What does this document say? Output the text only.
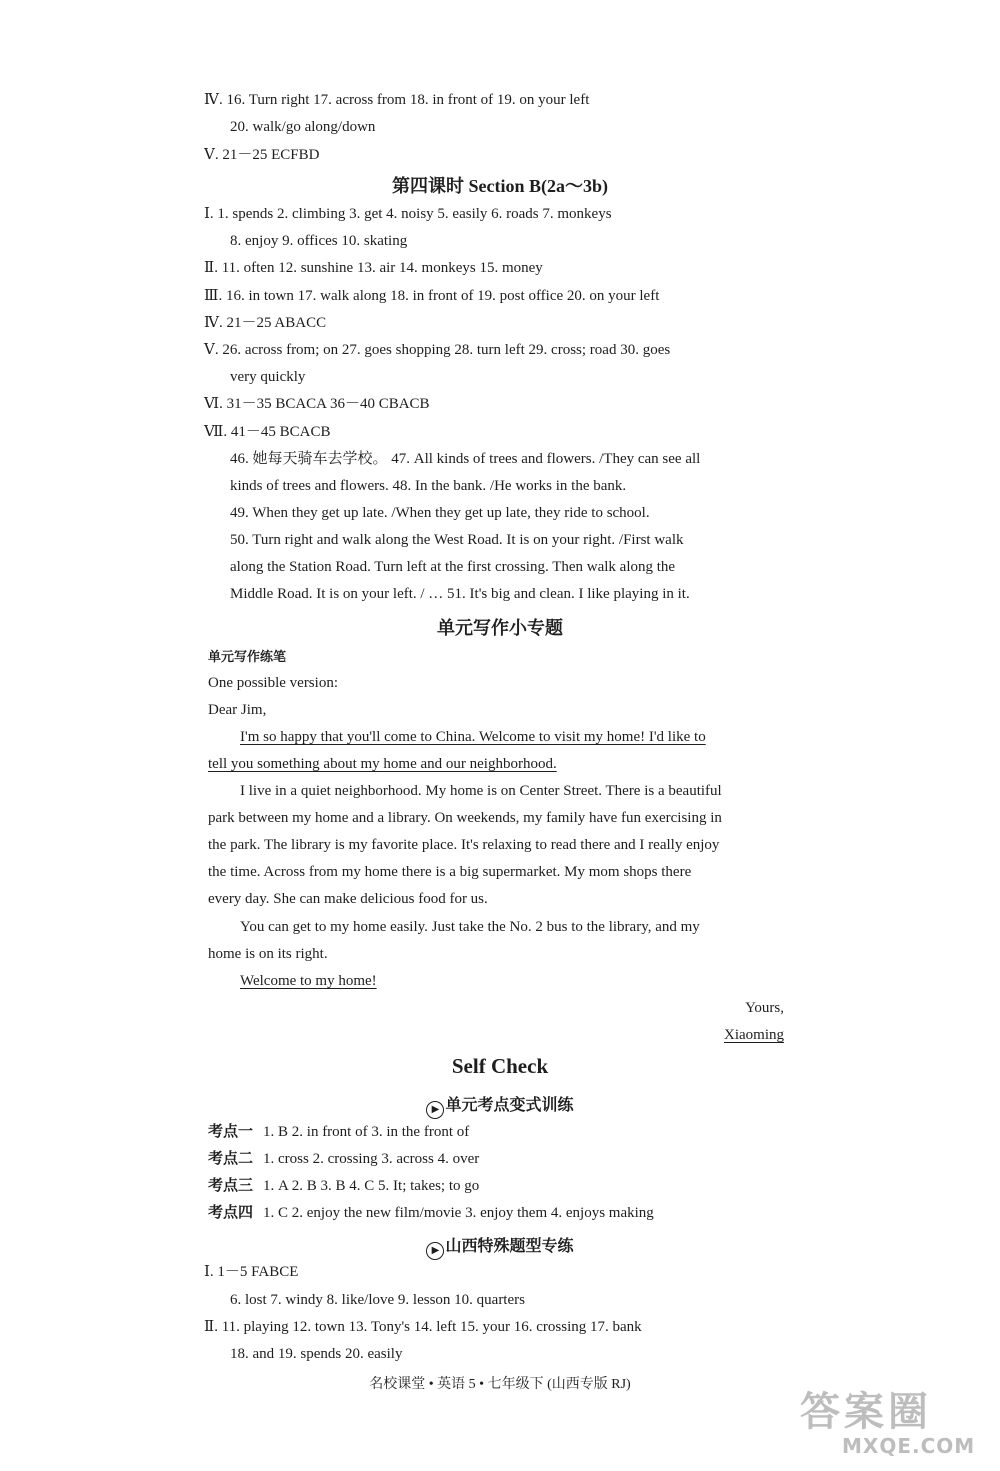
Ⅳ. 16. Turn right 17. across from 18. in front of 19. on your left
20. walk/go along/down
Ⅴ. 21－25 ECFBD
第四课时 Section B(2a～3b)
Ⅰ. 1. spends 2. climbing 3. get 4. noisy 5. easily 6. roads 7. monkeys
8. enjoy 9. offices 10. skating
Ⅱ. 11. often 12. sunshine 13. air 14. monkeys 15. money
Ⅲ. 16. in town 17. walk along 18. in front of 19. post office 20. on your left
Ⅳ. 21－25 ABACC
Ⅴ. 26. across from; on 27. goes shopping 28. turn left 29. cross; road 30. goes
very quickly
Ⅵ. 31－35 BCACA 36－40 CBACB
Ⅶ. 41－45 BCACB
46. 她每天骑车去学校。 47. All kinds of trees and flowers. /They can see all
kinds of trees and flowers. 48. In the bank. /He works in the bank.
49. When they get up late. /When they get up late, they ride to school.
50. Turn right and walk along the West Road. It is on your right. /First walk
along the Station Road. Turn left at the first crossing. Then walk along the
Middle Road. It is on your left. / … 51. It's big and clean. I like playing in it.
单元写作小专题
单元写作练笔
One possible version:
Dear Jim,
I'm so happy that you'll come to China. Welcome to visit my home! I'd like to
tell you something about my home and our neighborhood.
I live in a quiet neighborhood. My home is on Center Street. There is a beautiful
park between my home and a library. On weekends, my family have fun exercising in
the park. The library is my favorite place. It's relaxing to read there and I really enjoy
the time. Across from my home there is a big supermarket. My mom shops there
every day. She can make delicious food for us.
You can get to my home easily. Just take the No. 2 bus to the library, and my
home is on its right.
Welcome to my home!
Yours,
Xiaoming
Self Check
▶ 单元考点变式训练
考点一 1. B 2. in front of 3. in the front of
考点二 1. cross 2. crossing 3. across 4. over
考点三 1. A 2. B 3. B 4. C 5. It; takes; to go
考点四 1. C 2. enjoy the new film/movie 3. enjoy them 4. enjoys making
▶ 山西特殊题型专练
Ⅰ. 1－5 FABCE
6. lost 7. windy 8. like/love 9. lesson 10. quarters
Ⅱ. 11. playing 12. town 13. Tony's 14. left 15. your 16. crossing 17. bank
18. and 19. spends 20. easily
名校课堂 • 英语 5 • 七年级下 (山西专版 RJ)
答案圈
MXQE.COM
